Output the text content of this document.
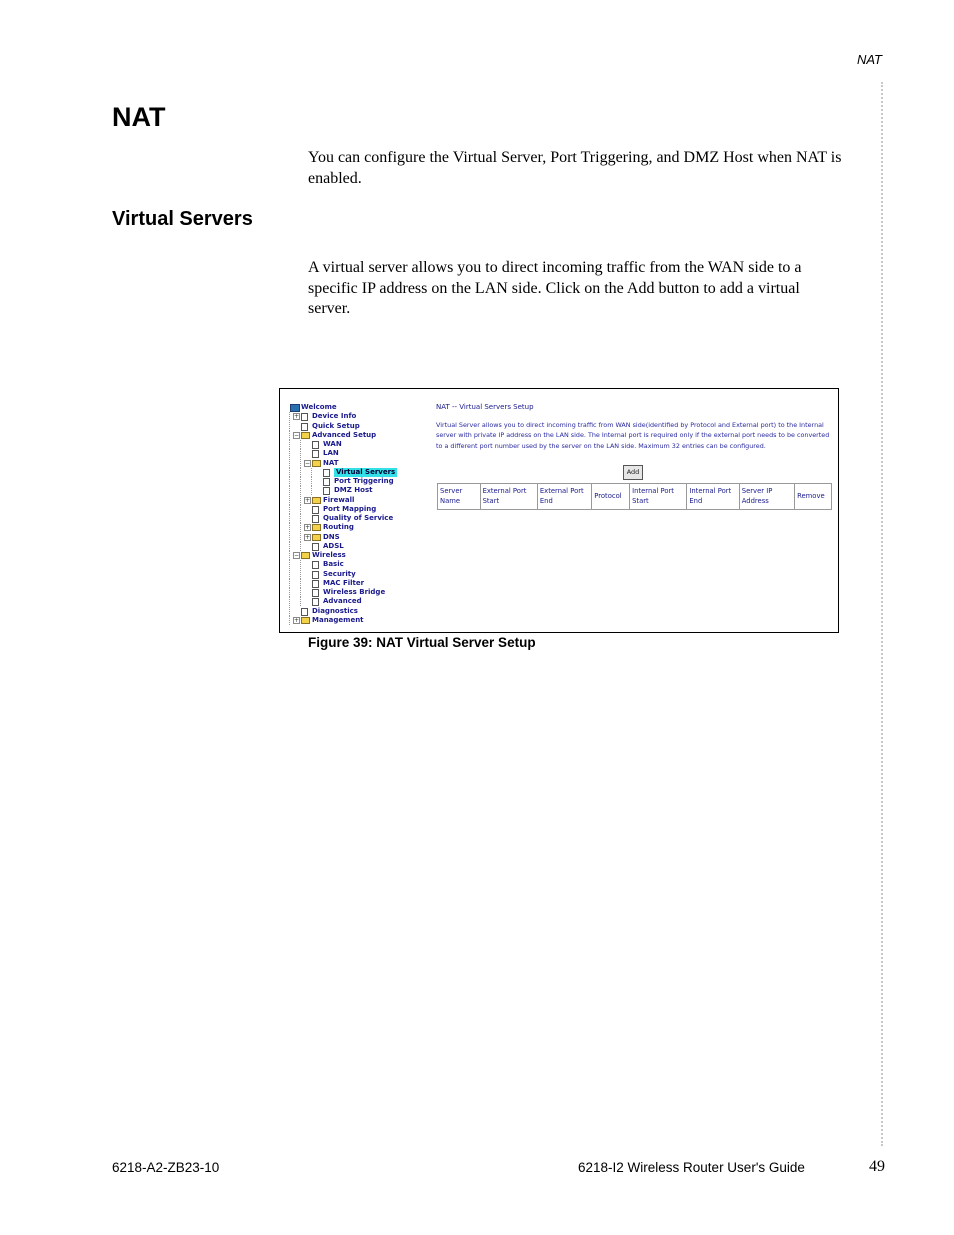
NAT
NAT

You can configure the Virtual Server, Port Triggering, and DMZ Host when NAT is enabled.

Virtual Servers

A virtual server allows you to direct incoming traffic from the WAN side to a specific IP address on the LAN side. Click on the Add button to add a virtual server.

Welcome
+ Device Info
Quick Setup
− Advanced Setup
WAN
LAN
− NAT
Virtual Servers
Port Triggering
DMZ Host
+ Firewall
Port Mapping
Quality of Service
+ Routing
+ DNS
ADSL
− Wireless
Basic
Security
MAC Filter
Wireless Bridge
Advanced
Diagnostics
+ Management
NAT -- Virtual Servers Setup
Virtual Server allows you to direct incoming traffic from WAN side(identified by Protocol and External port) to the Internal server with private IP address on the LAN side. The Internal port is required only if the external port needs to be converted to a different port number used by the server on the LAN side. Maximum 32 entries can be configured.
Add
Server Name	External Port Start	External Port End	Protocol	Internal Port Start	Internal Port End	Server IP Address	Remove

Figure 39: NAT Virtual Server Setup

6218-A2-ZB23-10	6218-I2 Wireless Router User's Guide	49
